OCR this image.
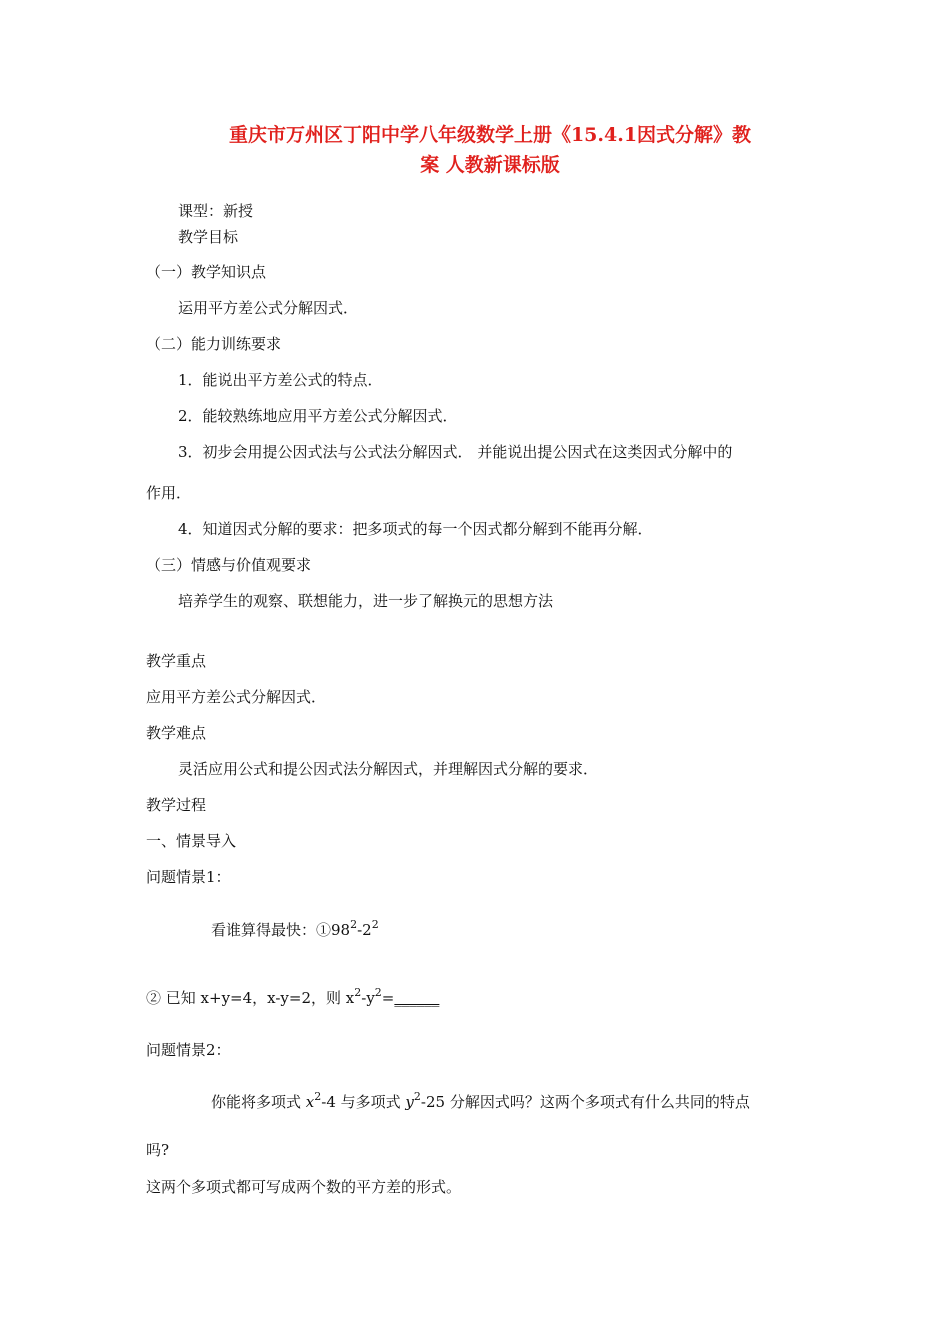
重庆市万州区丁阳中学八年级数学上册《15.4.1因式分解》教
案 人教新课标版
课型：新授
教学目标
（一）教学知识点
运用平方差公式分解因式．
（二）能力训练要求
1．能说出平方差公式的特点．
2．能较熟练地应用平方差公式分解因式．
3．初步会用提公因式法与公式法分解因式． 并能说出提公因式在这类因式分解中的
作用．
4．知道因式分解的要求：把多项式的每一个因式都分解到不能再分解．
（三）情感与价值观要求
培养学生的观察、联想能力，进一步了解换元的思想方法
教学重点
应用平方差公式分解因式．
教学难点
灵活应用公式和提公因式法分解因式，并理解因式分解的要求．
教学过程
一、情景导入
问题情景1：
看谁算得最快：$①98^2-2^2$
② 已知 x+y=4，x-y=2，则 $x^2-y^2=\_\_\_\_\_\_$
问题情景2：
你能将多项式 $x^2-4$ 与多项式 $y^2-25$ 分解因式吗？这两个多项式有什么共同的特点
吗?
这两个多项式都可写成两个数的平方差的形式。
